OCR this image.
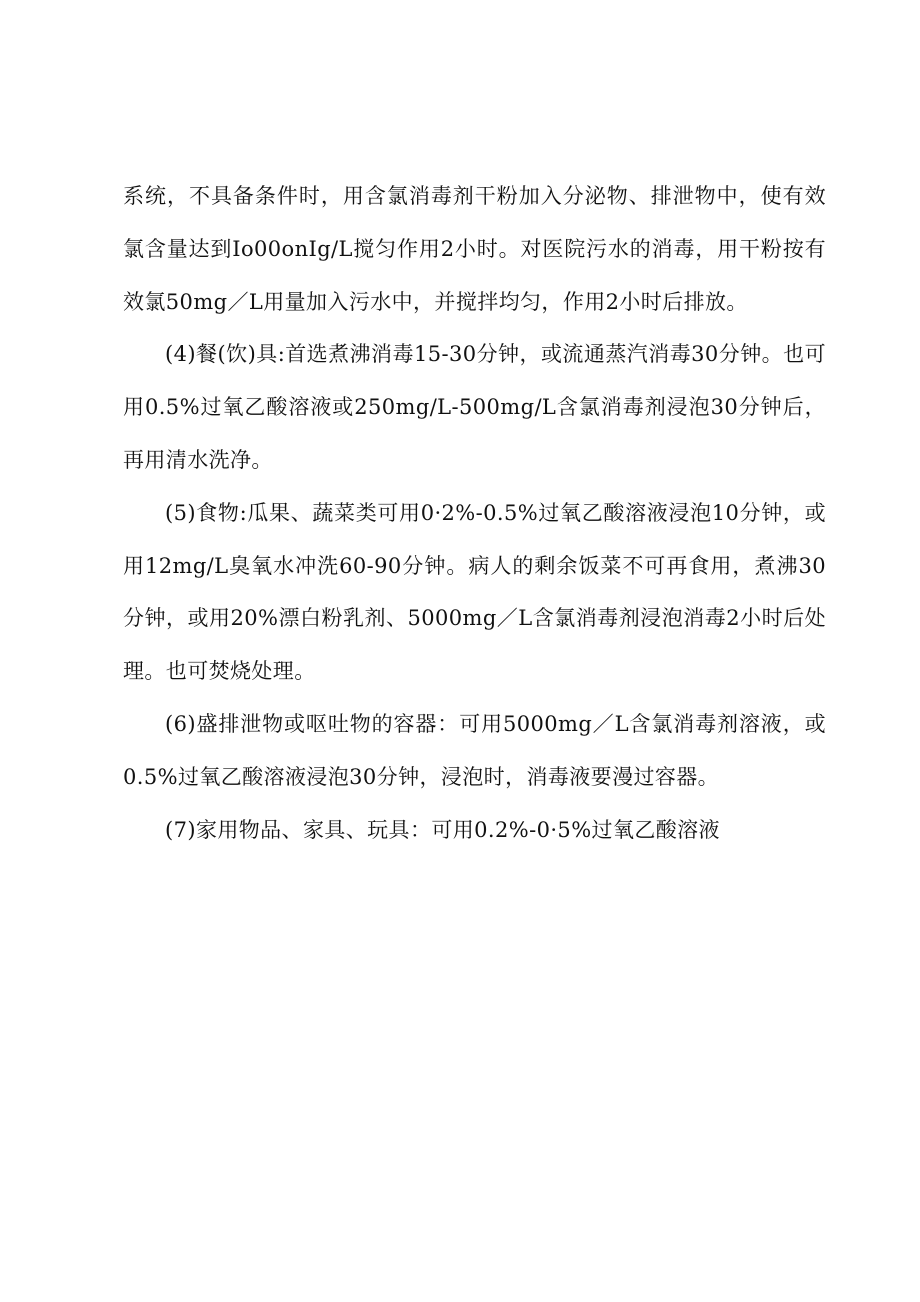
系统，不具备条件时，用含氯消毒剂干粉加入分泌物、排泄物中，使有效氯含量达到Io00onIg/L搅匀作用2小时。对医院污水的消毒，用干粉按有效氯50mg／L用量加入污水中，并搅拌均匀，作用2小时后排放。

(4)餐(饮)具:首选煮沸消毒15-30分钟，或流通蒸汽消毒30分钟。也可用0.5%过氧乙酸溶液或250mg/L-500mg/L含氯消毒剂浸泡30分钟后，再用清水洗净。

(5)食物:瓜果、蔬菜类可用0·2%-0.5%过氧乙酸溶液浸泡10分钟，或用12mg/L臭氧水冲洗60-90分钟。病人的剩余饭菜不可再食用，煮沸30分钟，或用20%漂白粉乳剂、5000mg／L含氯消毒剂浸泡消毒2小时后处理。也可焚烧处理。

(6)盛排泄物或呕吐物的容器：可用5000mg／L含氯消毒剂溶液，或0.5%过氧乙酸溶液浸泡30分钟，浸泡时，消毒液要漫过容器。

(7)家用物品、家具、玩具：可用0.2%-0·5%过氧乙酸溶液
